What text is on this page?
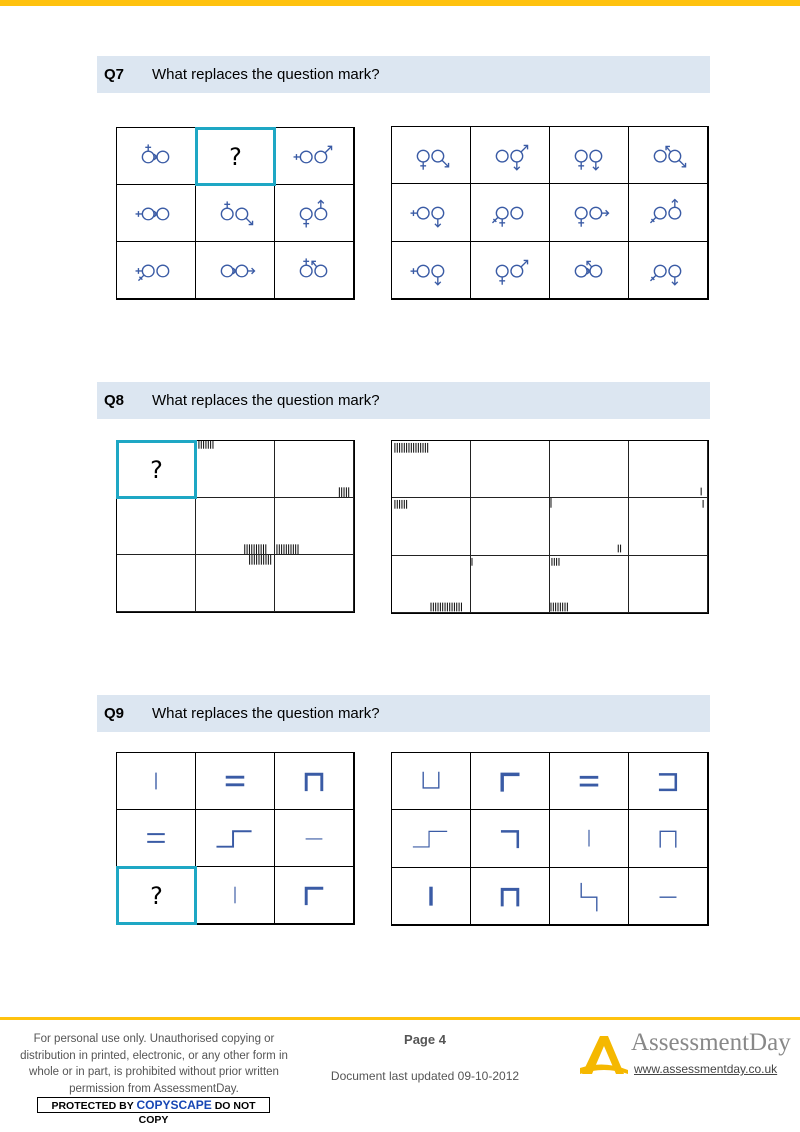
Q7 What replaces the question mark?
?
Q8 What replaces the question mark?
?
Q9 What replaces the question mark?
?
For personal use only. Unauthorised copying or distribution in printed, electronic, or any other form in whole or in part, is prohibited without prior written permission from AssessmentDay.
PROTECTED BY COPYSCAPE DO NOT COPY
Page 4
Document last updated 09-10-2012
AssessmentDay
www.assessmentday.co.uk
